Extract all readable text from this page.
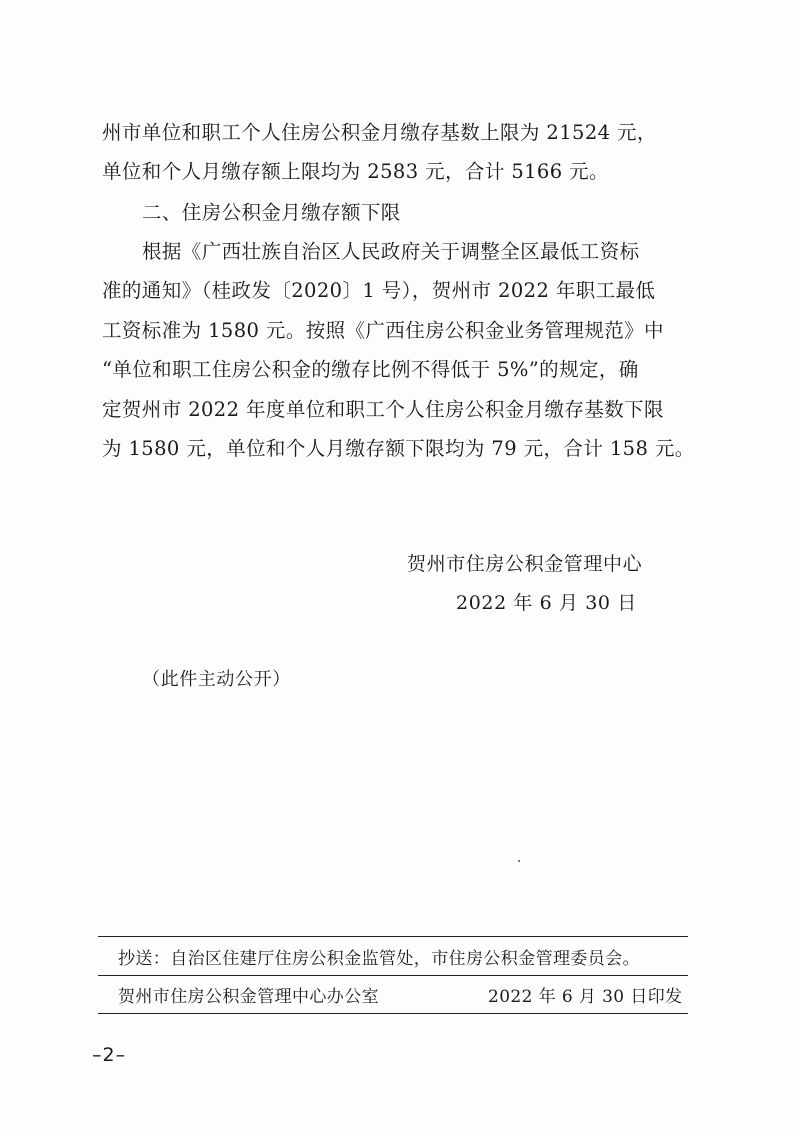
州市单位和职工个人住房公积金月缴存基数上限为 21524 元，
单位和个人月缴存额上限均为 2583 元，合计 5166 元。
二、住房公积金月缴存额下限
根据《广西壮族自治区人民政府关于调整全区最低工资标
准的通知》（桂政发〔2020〕1 号），贺州市 2022 年职工最低
工资标准为 1580 元。按照《广西住房公积金业务管理规范》中
“单位和职工住房公积金的缴存比例不得低于 5%”的规定，确
定贺州市 2022 年度单位和职工个人住房公积金月缴存基数下限
为 1580 元，单位和个人月缴存额下限均为 79 元，合计 158 元。
贺州市住房公积金管理中心
2022 年 6 月 30 日
（此件主动公开）
抄送：自治区住建厅住房公积金监管处，市住房公积金管理委员会。
贺州市住房公积金管理中心办公室	2022 年 6 月 30 日印发
–2–
